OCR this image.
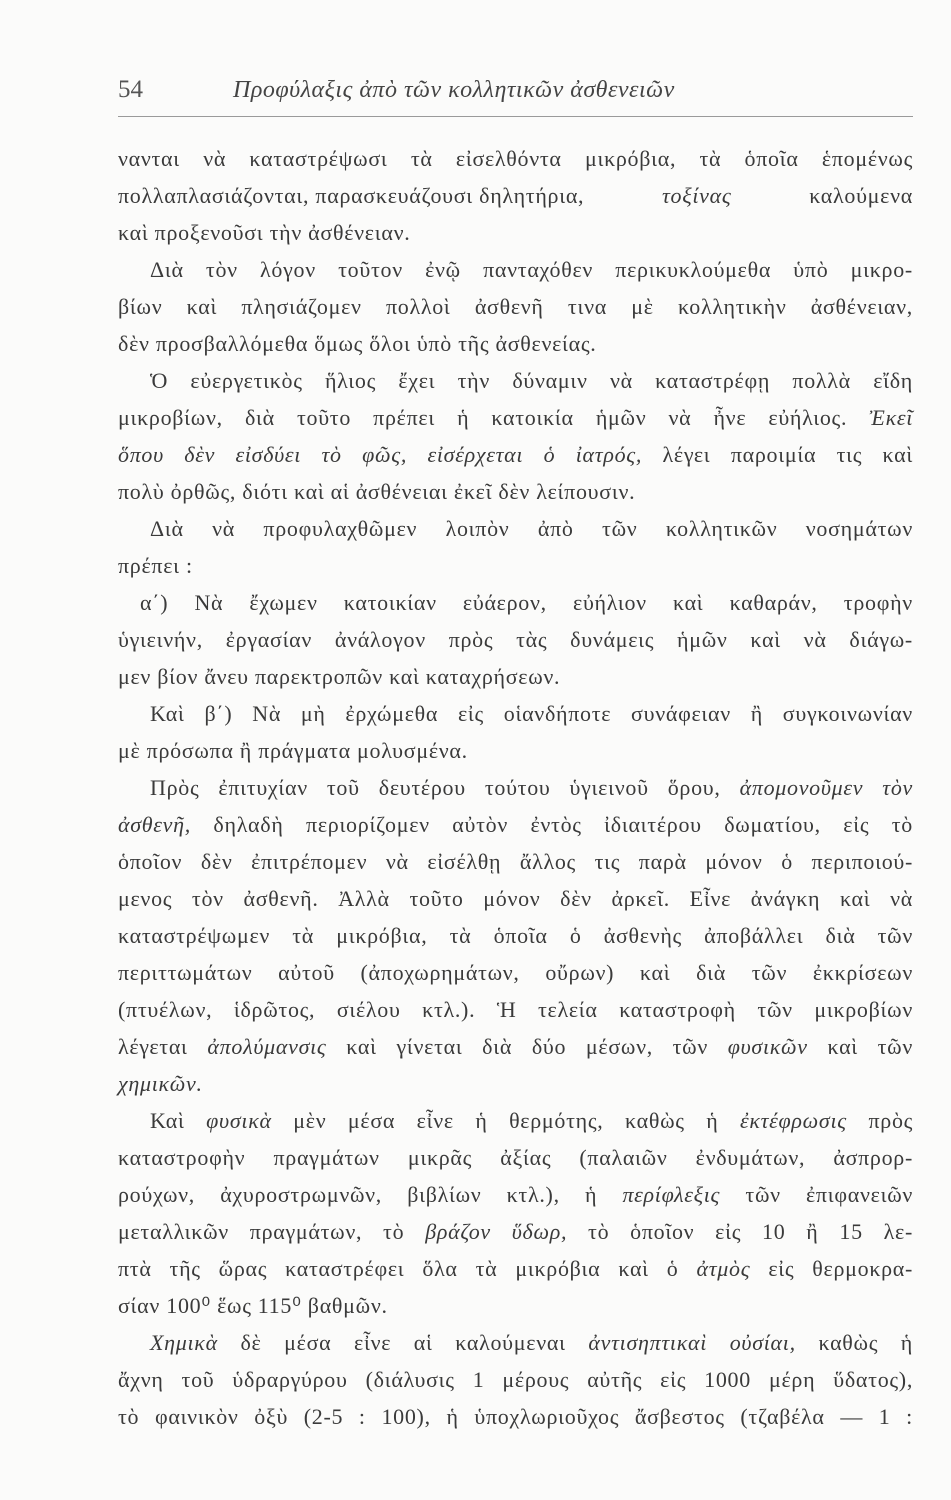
54	Προφύλαξις ἀπὸ τῶν κολλητικῶν ἀσθενειῶν
νανται νὰ καταστρέψωσι τὰ εἰσελθόντα μικρόβια, τὰ ὁποῖα ἑπομένως
πολλαπλασιάζονται, παρασκευάζουσι δηλητήρια,	τοξίνας	καλούμενα
καὶ προξενοῦσι τὴν ἀσθένειαν.
Διὰ τὸν λόγον τοῦτον ἐνῷ πανταχόθεν περικυκλούμεθα ὑπὸ μικρο-
βίων καὶ πλησιάζομεν πολλοὶ ἀσθενῆ τινα μὲ κολλητικὴν ἀσθένειαν,
δὲν προσβαλλόμεθα ὅμως ὅλοι ὑπὸ τῆς ἀσθενείας.
Ὁ εὐεργετικὸς ἥλιος ἔχει τὴν δύναμιν νὰ καταστρέφῃ πολλὰ εἴδη
μικροβίων, διὰ τοῦτο πρέπει ἡ κατοικία ἡμῶν νὰ ἦνε εὐήλιος. Ἐκεῖ
ὅπου δὲν εἰσδύει τὸ φῶς, εἰσέρχεται ὁ ἰατρός, λέγει παροιμία τις καὶ
πολὺ ὀρθῶς, διότι καὶ αἱ ἀσθένειαι ἐκεῖ δὲν λείπουσιν.
Διὰ νὰ προφυλαχθῶμεν λοιπὸν ἀπὸ τῶν κολλητικῶν νοσημάτων
πρέπει :
α΄) Νὰ ἔχωμεν κατοικίαν εὐάερον, εὐήλιον καὶ καθαράν, τροφὴν
ὑγιεινήν, ἐργασίαν ἀνάλογον πρὸς τὰς δυνάμεις ἡμῶν καὶ νὰ διάγω-
μεν βίον ἄνευ παρεκτροπῶν καὶ καταχρήσεων.
Καὶ β΄) Νὰ μὴ ἐρχώμεθα εἰς οἱανδήποτε συνάφειαν ἢ συγκοινωνίαν
μὲ πρόσωπα ἢ πράγματα μολυσμένα.
Πρὸς ἐπιτυχίαν τοῦ δευτέρου τούτου ὑγιεινοῦ ὅρου, ἀπομονοῦμεν τὸν
ἀσθενῆ, δηλαδὴ περιορίζομεν αὐτὸν ἐντὸς ἰδιαιτέρου δωματίου, εἰς τὸ
ὁποῖον δὲν ἐπιτρέπομεν νὰ εἰσέλθῃ ἄλλος τις παρὰ μόνον ὁ περιποιού-
μενος τὸν ἀσθενῆ. Ἀλλὰ τοῦτο μόνον δὲν ἀρκεῖ. Εἶνε ἀνάγκη καὶ νὰ
καταστρέψωμεν τὰ μικρόβια, τὰ ὁποῖα ὁ ἀσθενὴς ἀποβάλλει διὰ τῶν
περιττωμάτων αὐτοῦ (ἀποχωρημάτων, οὔρων) καὶ διὰ τῶν ἐκκρίσεων
(πτυέλων, ἱδρῶτος, σιέλου κτλ.). Ἡ τελεία καταστροφὴ τῶν μικροβίων
λέγεται ἀπολύμανσις καὶ γίνεται διὰ δύο μέσων, τῶν φυσικῶν καὶ τῶν
χημικῶν.
Καὶ φυσικὰ μὲν μέσα εἶνε ἡ θερμότης, καθὼς ἡ ἐκτέφρωσις πρὸς
καταστροφὴν πραγμάτων μικρᾶς ἀξίας (παλαιῶν ἐνδυμάτων, ἀσπρορ-
ρούχων, ἀχυροστρωμνῶν, βιβλίων κτλ.), ἡ περίφλεξις τῶν ἐπιφανειῶν
μεταλλικῶν πραγμάτων, τὸ βράζον ὕδωρ, τὸ ὁποῖον εἰς 10 ἢ 15 λε-
πτὰ τῆς ὥρας καταστρέφει ὅλα τὰ μικρόβια καὶ ὁ ἀτμὸς εἰς θερμοκρα-
σίαν 100⁰ ἕως 115⁰ βαθμῶν.
Χημικὰ δὲ μέσα εἶνε αἱ καλούμεναι ἀντισηπτικαὶ οὐσίαι, καθὼς ἡ
ἄχνη τοῦ ὑδραργύρου (διάλυσις 1 μέρους αὐτῆς εἰς 1000 μέρη ὕδατος),
τὸ φαινικὸν ὀξὺ (2-5 : 100), ἡ ὑποχλωριοῦχος ἄσβεστος (τζαβέλα — 1 :
